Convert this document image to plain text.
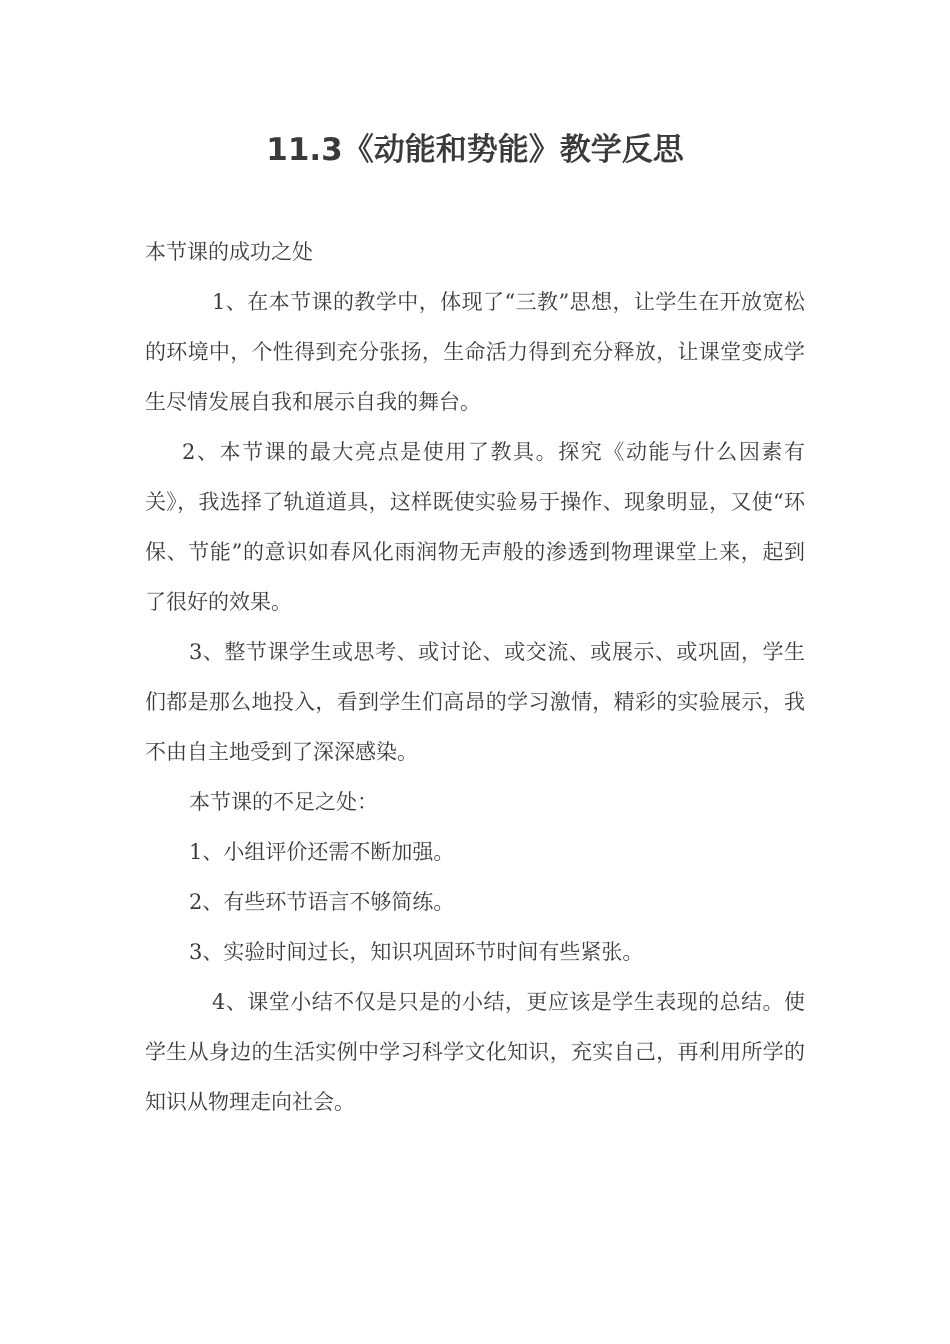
11.3《动能和势能》教学反思

本节课的成功之处

1、在本节课的教学中，体现了“三教”思想，让学生在开放宽松的环境中，个性得到充分张扬，生命活力得到充分释放，让课堂变成学生尽情发展自我和展示自我的舞台。

2、本节课的最大亮点是使用了教具。探究《动能与什么因素有关》，我选择了轨道道具，这样既使实验易于操作、现象明显，又使“环保、节能”的意识如春风化雨润物无声般的渗透到物理课堂上来，起到了很好的效果。

3、整节课学生或思考、或讨论、或交流、或展示、或巩固，学生们都是那么地投入，看到学生们高昂的学习激情，精彩的实验展示，我不由自主地受到了深深感染。

本节课的不足之处：

1、小组评价还需不断加强。

2、有些环节语言不够简练。

3、实验时间过长，知识巩固环节时间有些紧张。

4、课堂小结不仅是只是的小结，更应该是学生表现的总结。使学生从身边的生活实例中学习科学文化知识，充实自己，再利用所学的知识从物理走向社会。
